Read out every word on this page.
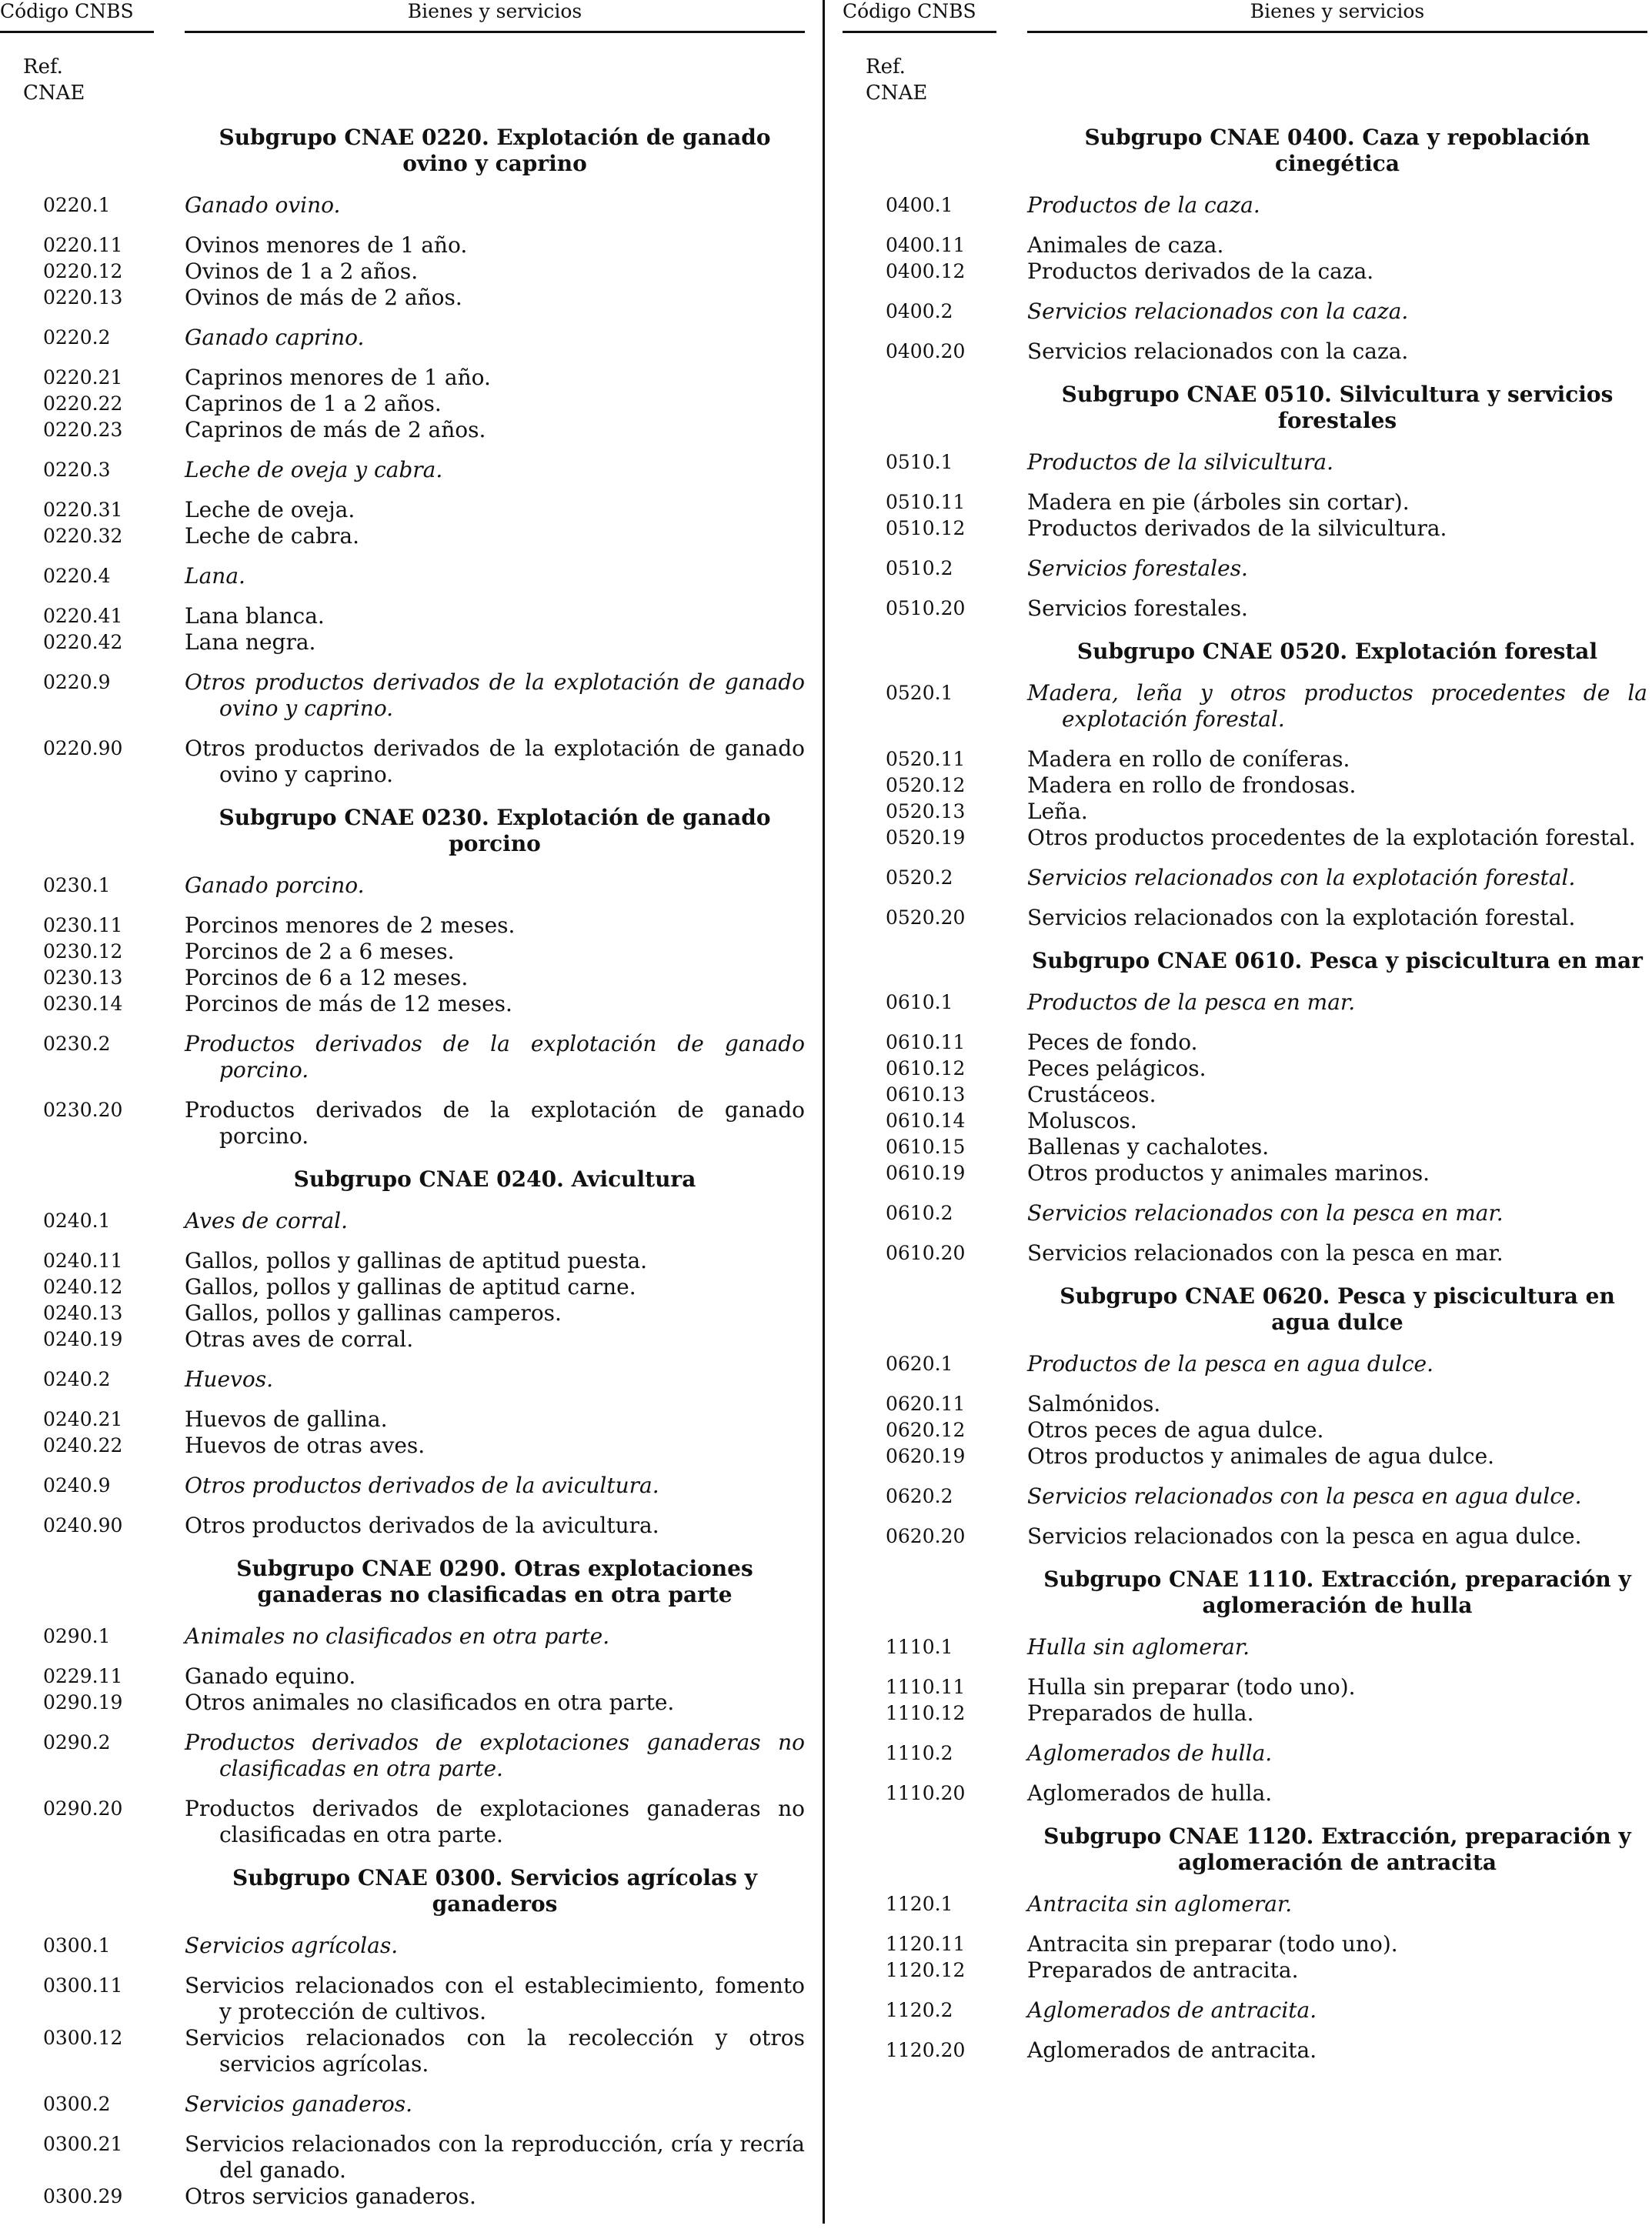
Código CNBS	Bienes y servicios
Ref.
CNAE
Subgrupo CNAE 0220. Explotación de ganado ovino y caprino
0220.1	Ganado ovino.
0220.11	Ovinos menores de 1 año.
0220.12	Ovinos de 1 a 2 años.
0220.13	Ovinos de más de 2 años.
0220.2	Ganado caprino.
0220.21	Caprinos menores de 1 año.
0220.22	Caprinos de 1 a 2 años.
0220.23	Caprinos de más de 2 años.
0220.3	Leche de oveja y cabra.
0220.31	Leche de oveja.
0220.32	Leche de cabra.
0220.4	Lana.
0220.41	Lana blanca.
0220.42	Lana negra.
0220.9	Otros productos derivados de la explotación de ganado ovino y caprino.
0220.90	Otros productos derivados de la explotación de ganado ovino y caprino.
Subgrupo CNAE 0230. Explotación de ganado porcino
0230.1	Ganado porcino.
0230.11	Porcinos menores de 2 meses.
0230.12	Porcinos de 2 a 6 meses.
0230.13	Porcinos de 6 a 12 meses.
0230.14	Porcinos de más de 12 meses.
0230.2	Productos derivados de la explotación de ganado porcino.
0230.20	Productos derivados de la explotación de ganado porcino.
Subgrupo CNAE 0240. Avicultura
0240.1	Aves de corral.
0240.11	Gallos, pollos y gallinas de aptitud puesta.
0240.12	Gallos, pollos y gallinas de aptitud carne.
0240.13	Gallos, pollos y gallinas camperos.
0240.19	Otras aves de corral.
0240.2	Huevos.
0240.21	Huevos de gallina.
0240.22	Huevos de otras aves.
0240.9	Otros productos derivados de la avicultura.
0240.90	Otros productos derivados de la avicultura.
Subgrupo CNAE 0290. Otras explotaciones ganaderas no clasificadas en otra parte
0290.1	Animales no clasificados en otra parte.
0229.11	Ganado equino.
0290.19	Otros animales no clasificados en otra parte.
0290.2	Productos derivados de explotaciones ganaderas no clasificadas en otra parte.
0290.20	Productos derivados de explotaciones ganaderas no clasificadas en otra parte.
Subgrupo CNAE 0300. Servicios agrícolas y ganaderos
0300.1	Servicios agrícolas.
0300.11	Servicios relacionados con el establecimiento, fomento y protección de cultivos.
0300.12	Servicios relacionados con la recolección y otros servicios agrícolas.
0300.2	Servicios ganaderos.
0300.21	Servicios relacionados con la reproducción, cría y recría del ganado.
0300.29	Otros servicios ganaderos.
Código CNBS	Bienes y servicios
Ref.
CNAE
Subgrupo CNAE 0400. Caza y repoblación cinegética
0400.1	Productos de la caza.
0400.11	Animales de caza.
0400.12	Productos derivados de la caza.
0400.2	Servicios relacionados con la caza.
0400.20	Servicios relacionados con la caza.
Subgrupo CNAE 0510. Silvicultura y servicios forestales
0510.1	Productos de la silvicultura.
0510.11	Madera en pie (árboles sin cortar).
0510.12	Productos derivados de la silvicultura.
0510.2	Servicios forestales.
0510.20	Servicios forestales.
Subgrupo CNAE 0520. Explotación forestal
0520.1	Madera, leña y otros productos procedentes de la explotación forestal.
0520.11	Madera en rollo de coníferas.
0520.12	Madera en rollo de frondosas.
0520.13	Leña.
0520.19	Otros productos procedentes de la explotación forestal.
0520.2	Servicios relacionados con la explotación forestal.
0520.20	Servicios relacionados con la explotación forestal.
Subgrupo CNAE 0610. Pesca y piscicultura en mar
0610.1	Productos de la pesca en mar.
0610.11	Peces de fondo.
0610.12	Peces pelágicos.
0610.13	Crustáceos.
0610.14	Moluscos.
0610.15	Ballenas y cachalotes.
0610.19	Otros productos y animales marinos.
0610.2	Servicios relacionados con la pesca en mar.
0610.20	Servicios relacionados con la pesca en mar.
Subgrupo CNAE 0620. Pesca y piscicultura en agua dulce
0620.1	Productos de la pesca en agua dulce.
0620.11	Salmónidos.
0620.12	Otros peces de agua dulce.
0620.19	Otros productos y animales de agua dulce.
0620.2	Servicios relacionados con la pesca en agua dulce.
0620.20	Servicios relacionados con la pesca en agua dulce.
Subgrupo CNAE 1110. Extracción, preparación y aglomeración de hulla
1110.1	Hulla sin aglomerar.
1110.11	Hulla sin preparar (todo uno).
1110.12	Preparados de hulla.
1110.2	Aglomerados de hulla.
1110.20	Aglomerados de hulla.
Subgrupo CNAE 1120. Extracción, preparación y aglomeración de antracita
1120.1	Antracita sin aglomerar.
1120.11	Antracita sin preparar (todo uno).
1120.12	Preparados de antracita.
1120.2	Aglomerados de antracita.
1120.20	Aglomerados de antracita.
